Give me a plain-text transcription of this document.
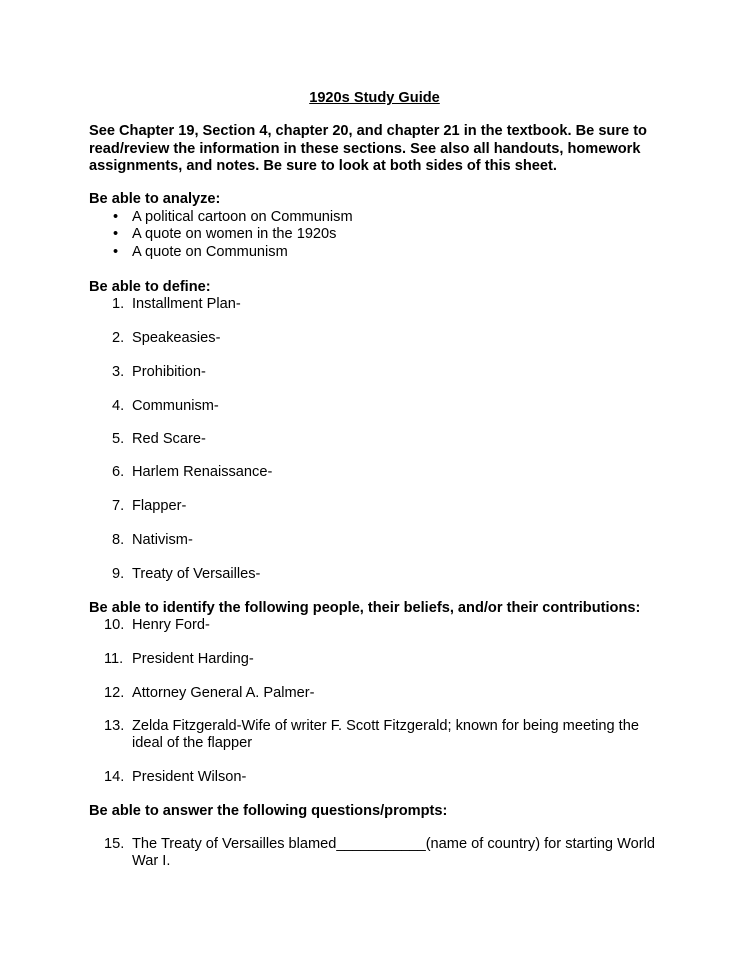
1920s Study Guide
See Chapter 19, Section 4, chapter 20, and chapter 21 in the textbook. Be sure to
read/review the information in these sections. See also all handouts, homework
assignments, and notes. Be sure to look at both sides of this sheet.
Be able to analyze:
• A political cartoon on Communism
• A quote on women in the 1920s
• A quote on Communism
Be able to define:
1. Installment Plan-
2. Speakeasies-
3. Prohibition-
4. Communism-
5. Red Scare-
6. Harlem Renaissance-
7. Flapper-
8. Nativism-
9. Treaty of Versailles-
Be able to identify the following people, their beliefs, and/or their contributions:
10. Henry Ford-
11. President Harding-
12. Attorney General A. Palmer-
13. Zelda Fitzgerald-Wife of writer F. Scott Fitzgerald; known for being meeting the
ideal of the flapper
14. President Wilson-
Be able to answer the following questions/prompts:
15. The Treaty of Versailles blamed___________(name of country) for starting World
War I.
